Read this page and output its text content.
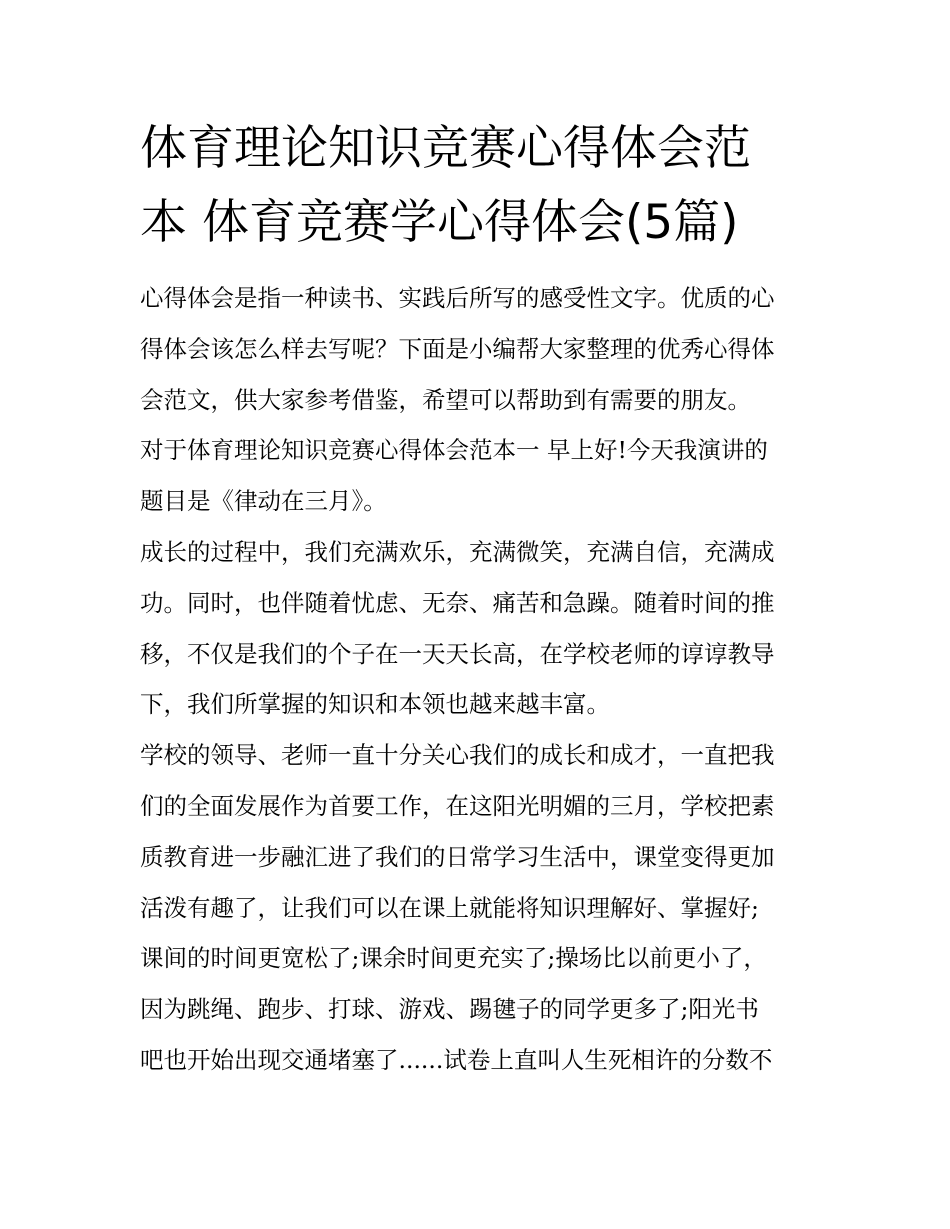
体育理论知识竞赛心得体会范
本 体育竞赛学心得体会(5篇)

心得体会是指一种读书、实践后所写的感受性文字。优质的心
得体会该怎么样去写呢？下面是小编帮大家整理的优秀心得体
会范文，供大家参考借鉴，希望可以帮助到有需要的朋友。

对于体育理论知识竞赛心得体会范本一 早上好!今天我演讲的
题目是《律动在三月》。

成长的过程中，我们充满欢乐，充满微笑，充满自信，充满成
功。同时，也伴随着忧虑、无奈、痛苦和急躁。随着时间的推
移，不仅是我们的个子在一天天长高，在学校老师的谆谆教导
下，我们所掌握的知识和本领也越来越丰富。

学校的领导、老师一直十分关心我们的成长和成才，一直把我
们的全面发展作为首要工作，在这阳光明媚的三月，学校把素
质教育进一步融汇进了我们的日常学习生活中，课堂变得更加
活泼有趣了，让我们可以在课上就能将知识理解好、掌握好;
课间的时间更宽松了;课余时间更充实了;操场比以前更小了，
因为跳绳、跑步、打球、游戏、踢毽子的同学更多了;阳光书
吧也开始出现交通堵塞了......试卷上直叫人生死相许的分数不
